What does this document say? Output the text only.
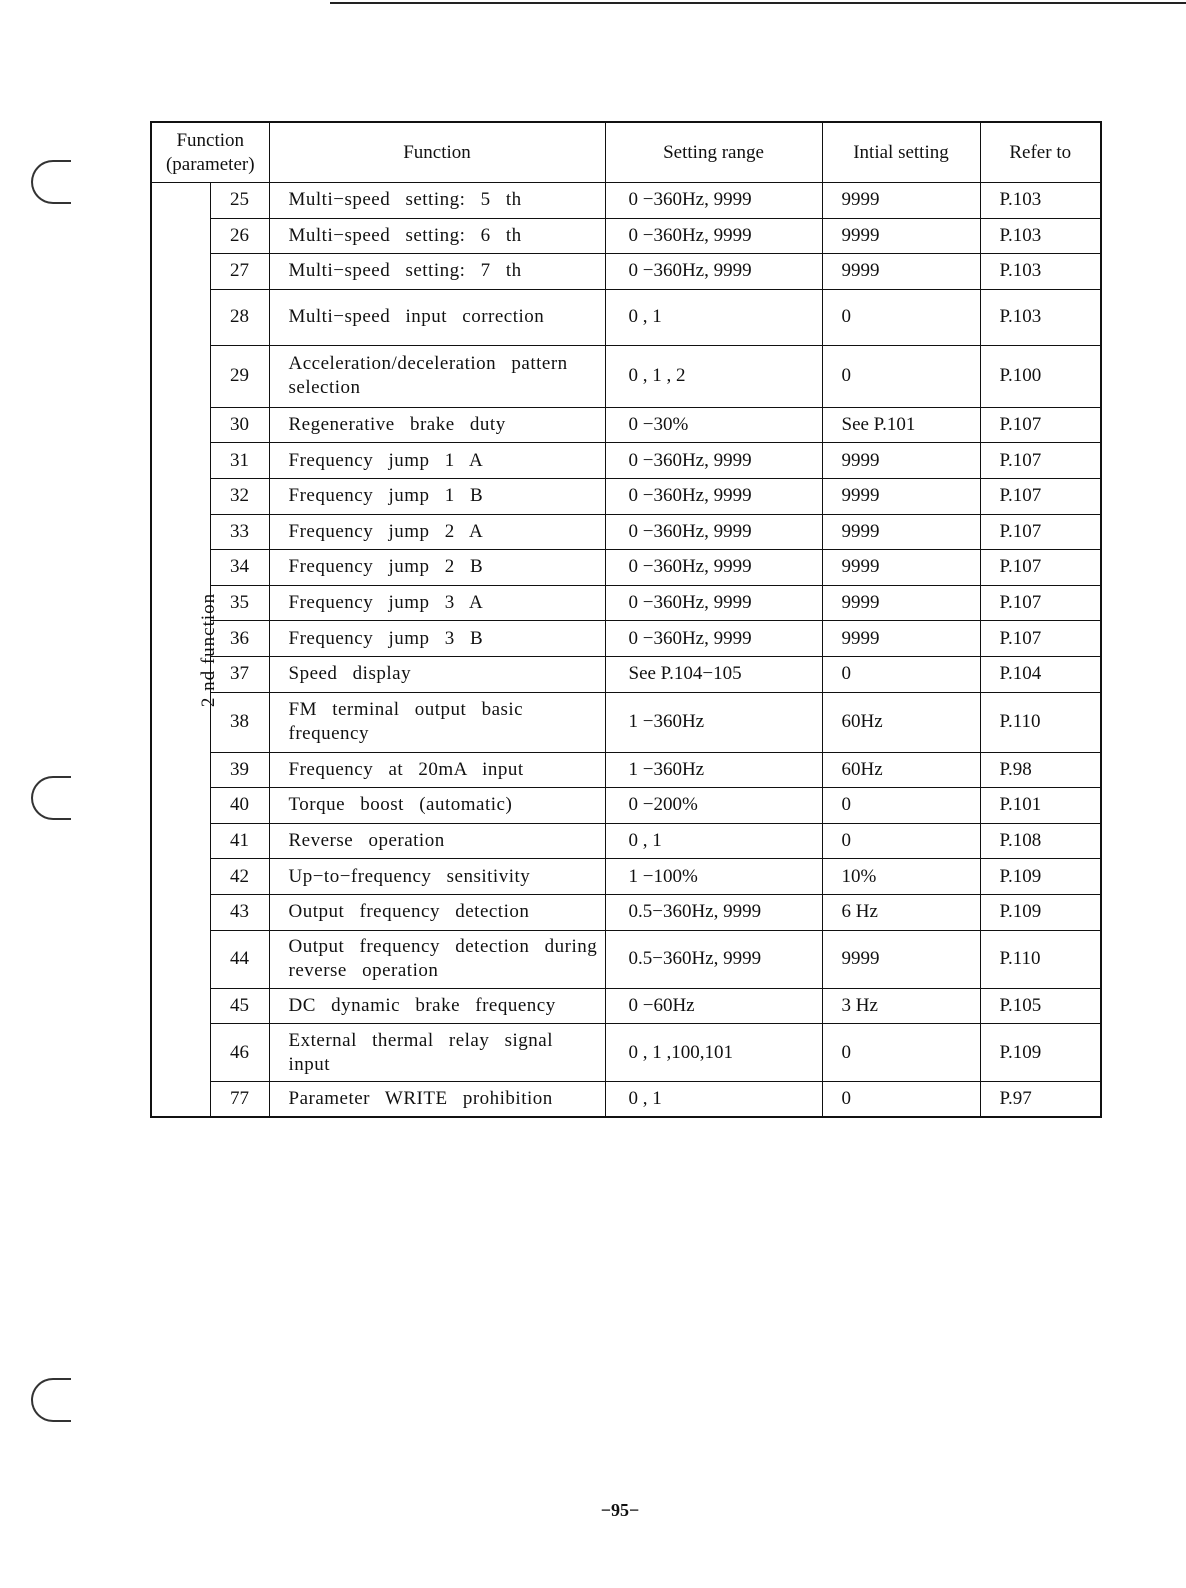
Function (parameter)		Function	Setting range	Intial setting	Refer to
2 nd function	25	Multi−speed setting: 5 th	0 −360Hz, 9999	9999	P.103
	26	Multi−speed setting: 6 th	0 −360Hz, 9999	9999	P.103
	27	Multi−speed setting: 7 th	0 −360Hz, 9999	9999	P.103
	28	Multi−speed input correction	0 , 1	0	P.103
	29	Acceleration/deceleration pattern selection	0 , 1 , 2	0	P.100
	30	Regenerative brake duty	0 −30%	See P.101	P.107
	31	Frequency jump 1 A	0 −360Hz, 9999	9999	P.107
	32	Frequency jump 1 B	0 −360Hz, 9999	9999	P.107
	33	Frequency jump 2 A	0 −360Hz, 9999	9999	P.107
	34	Frequency jump 2 B	0 −360Hz, 9999	9999	P.107
	35	Frequency jump 3 A	0 −360Hz, 9999	9999	P.107
	36	Frequency jump 3 B	0 −360Hz, 9999	9999	P.107
	37	Speed display	See P.104−105	0	P.104
	38	FM terminal output basic frequency	1 −360Hz	60Hz	P.110
	39	Frequency at 20mA input	1 −360Hz	60Hz	P.98
	40	Torque boost (automatic)	0 −200%	0	P.101
	41	Reverse operation	0 , 1	0	P.108
	42	Up−to−frequency sensitivity	1 −100%	10%	P.109
	43	Output frequency detection	0.5−360Hz, 9999	6 Hz	P.109
	44	Output frequency detection during reverse operation	0.5−360Hz, 9999	9999	P.110
	45	DC dynamic brake frequency	0 −60Hz	3 Hz	P.105
	46	External thermal relay signal input	0 , 1 ,100,101	0	P.109
	77	Parameter WRITE prohibition	0 , 1	0	P.97
−95−
